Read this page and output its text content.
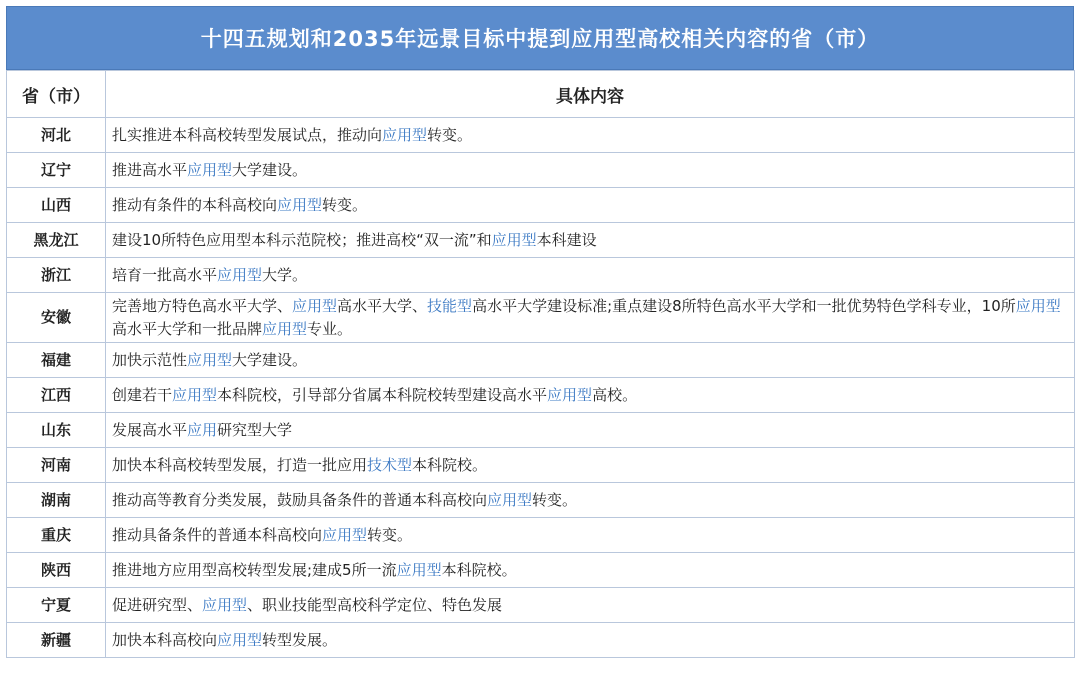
十四五规划和2035年远景目标中提到应用型高校相关内容的省（市）
省（市）	具体内容
河北	扎实推进本科高校转型发展试点，推动向应用型转变。
辽宁	推进高水平应用型大学建设。
山西	推动有条件的本科高校向应用型转变。
黑龙江	建设10所特色应用型本科示范院校；推进高校“双一流”和应用型本科建设
浙江	培育一批高水平应用型大学。
安徽	完善地方特色高水平大学、应用型高水平大学、技能型高水平大学建设标准;重点建设8所特色高水平大学和一批优势特色学科专业，10所应用型高水平大学和一批品牌应用型专业。
福建	加快示范性应用型大学建设。
江西	创建若干应用型本科院校，引导部分省属本科院校转型建设高水平应用型高校。
山东	发展高水平应用研究型大学
河南	加快本科高校转型发展，打造一批应用技术型本科院校。
湖南	推动高等教育分类发展，鼓励具备条件的普通本科高校向应用型转变。
重庆	推动具备条件的普通本科高校向应用型转变。
陕西	推进地方应用型高校转型发展;建成5所一流应用型本科院校。
宁夏	促进研究型、应用型、职业技能型高校科学定位、特色发展
新疆	加快本科高校向应用型转型发展。
